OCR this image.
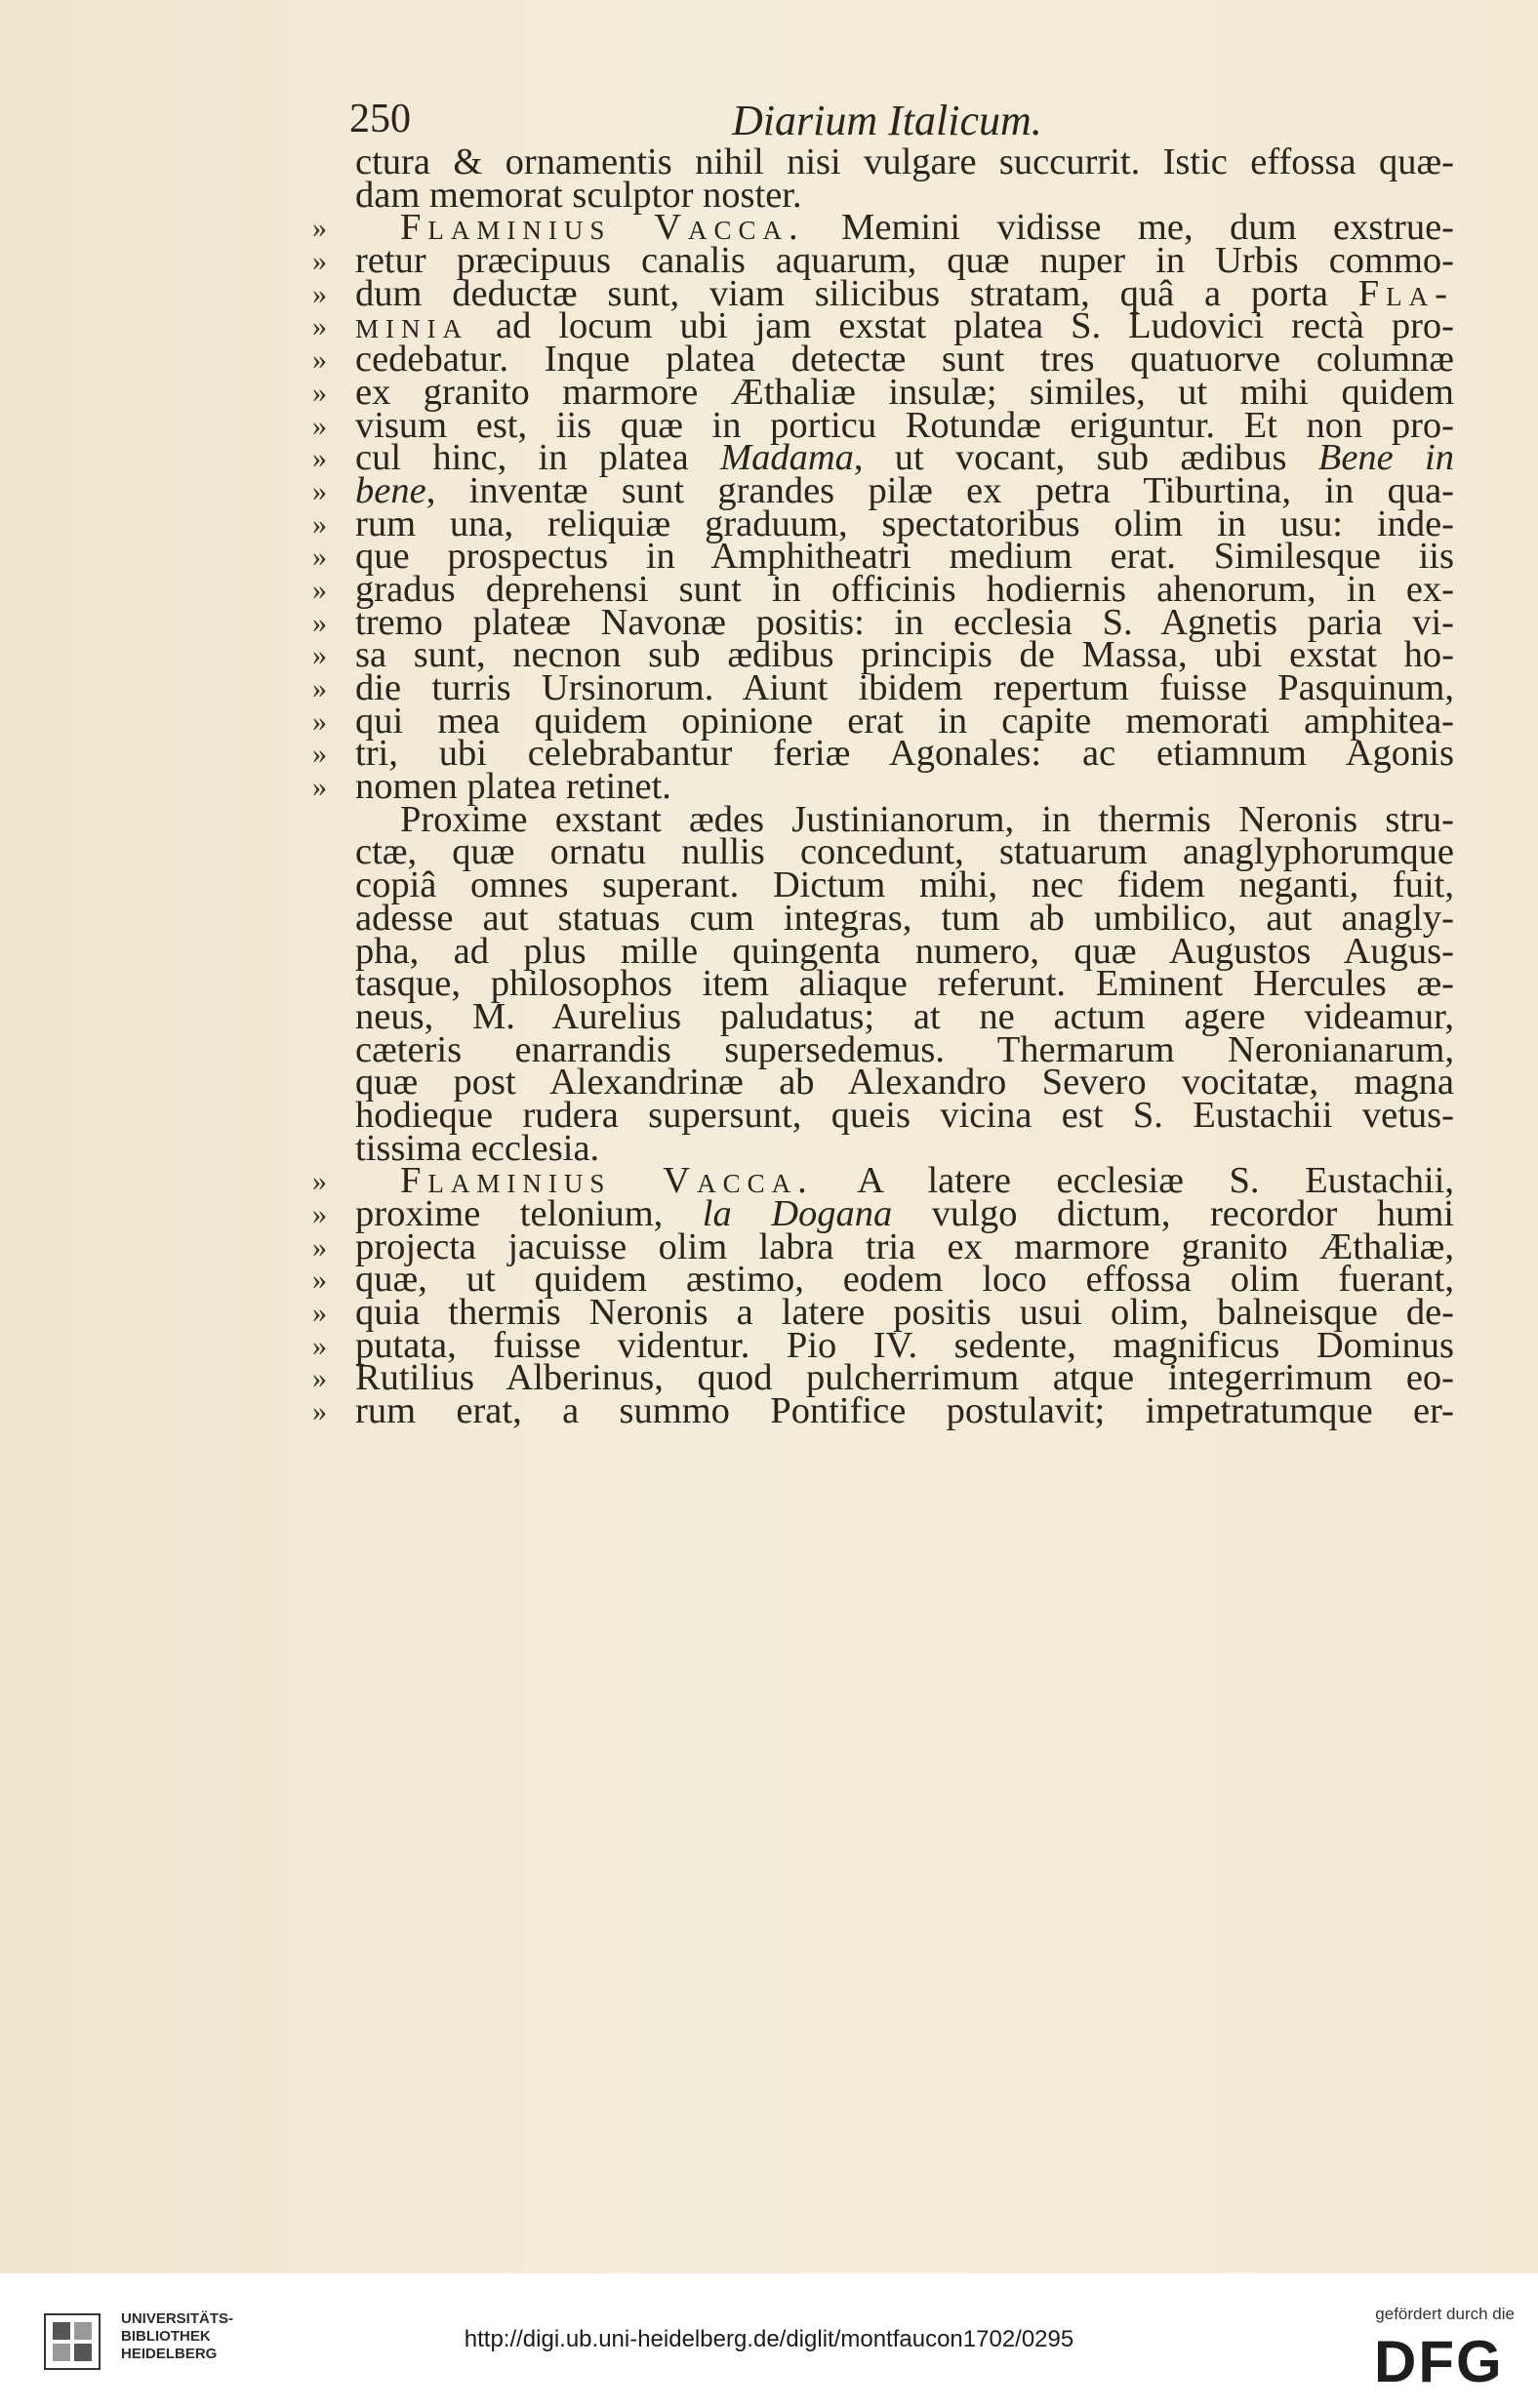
250	Diarium Italicum.
ctura & ornamentis nihil nisi vulgare succurrit. Istic effossa quæ-
dam memorat sculptor noster.
» Flaminius Vacca. Memini vidisse me, dum exstrue-
» retur præcipuus canalis aquarum, quæ nuper in Urbis commo-
» dum deductæ sunt, viam silicibus stratam, quâ a porta Fla-
» minia ad locum ubi jam exstat platea S. Ludovici rectà pro-
» cedebatur. Inque platea detectæ sunt tres quatuorve columnæ
» ex granito marmore Æthaliæ insulæ; similes, ut mihi quidem
» visum est, iis quæ in porticu Rotundæ eriguntur. Et non pro-
» cul hinc, in platea Madama, ut vocant, sub ædibus Bene in
» bene, inventæ sunt grandes pilæ ex petra Tiburtina, in qua-
» rum una, reliquiæ graduum, spectatoribus olim in usu: inde-
» que prospectus in Amphitheatri medium erat. Similesque iis
» gradus deprehensi sunt in officinis hodiernis ahenorum, in ex-
» tremo plateæ Navonæ positis: in ecclesia S. Agnetis paria vi-
» sa sunt, necnon sub ædibus principis de Massa, ubi exstat ho-
» die turris Ursinorum. Aiunt ibidem repertum fuisse Pasquinum,
» qui mea quidem opinione erat in capite memorati amphitea-
» tri, ubi celebrabantur feriæ Agonales: ac etiamnum Agonis
» nomen platea retinet.
Proxime exstant ædes Justinianorum, in thermis Neronis stru-
ctæ, quæ ornatu nullis concedunt, statuarum anaglyphorumque
copiâ omnes superant. Dictum mihi, nec fidem neganti, fuit,
adesse aut statuas cum integras, tum ab umbilico, aut anagly-
pha, ad plus mille quingenta numero, quæ Augustos Augus-
tasque, philosophos item aliaque referunt. Eminent Hercules æ-
neus, M. Aurelius paludatus; at ne actum agere videamur,
cæteris enarrandis supersedemus. Thermarum Neronianarum,
quæ post Alexandrinæ ab Alexandro Severo vocitatæ, magna
hodieque rudera supersunt, queis vicina est S. Eustachii vetus-
tissima ecclesia.
» Flaminius Vacca. A latere ecclesiæ S. Eustachii,
» proxime telonium, la Dogana vulgo dictum, recordor humi
» projecta jacuisse olim labra tria ex marmore granito Æthaliæ,
» quæ, ut quidem æstimo, eodem loco effossa olim fuerant,
» quia thermis Neronis a latere positis usui olim, balneisque de-
» putata, fuisse videntur. Pio IV. sedente, magnificus Dominus
» Rutilius Alberinus, quod pulcherrimum atque integerrimum eo-
» rum erat, a summo Pontifice postulavit; impetratumque er-
UNIVERSITÄTS-
BIBLIOTHEK
HEIDELBERG
http://digi.ub.uni-heidelberg.de/diglit/montfaucon1702/0295
gefördert durch die
DFG
